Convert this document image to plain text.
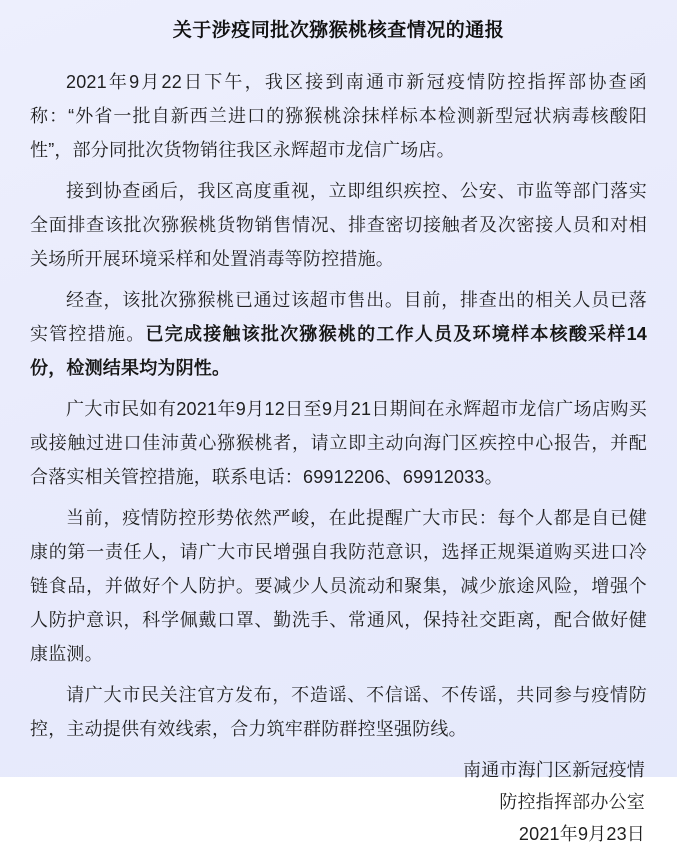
关于涉疫同批次猕猴桃核查情况的通报

2021年9月22日下午，我区接到南通市新冠疫情防控指挥部协查函称：“外省一批自新西兰进口的猕猴桃涂抹样标本检测新型冠状病毒核酸阳性”，部分同批次货物销往我区永辉超市龙信广场店。

接到协查函后，我区高度重视，立即组织疾控、公安、市监等部门落实全面排查该批次猕猴桃货物销售情况、排查密切接触者及次密接人员和对相关场所开展环境采样和处置消毒等防控措施。

经查，该批次猕猴桃已通过该超市售出。目前，排查出的相关人员已落实管控措施。已完成接触该批次猕猴桃的工作人员及环境样本核酸采样14份，检测结果均为阴性。

广大市民如有2021年9月12日至9月21日期间在永辉超市龙信广场店购买或接触过进口佳沛黄心猕猴桃者，请立即主动向海门区疾控中心报告，并配合落实相关管控措施，联系电话：69912206、69912033。

当前，疫情防控形势依然严峻，在此提醒广大市民：每个人都是自已健康的第一责任人，请广大市民增强自我防范意识，选择正规渠道购买进口冷链食品，并做好个人防护。要减少人员流动和聚集，减少旅途风险，增强个人防护意识，科学佩戴口罩、勤洗手、常通风，保持社交距离，配合做好健康监测。

请广大市民关注官方发布，不造谣、不信谣、不传谣，共同参与疫情防控，主动提供有效线索，合力筑牢群防群控坚强防线。

南通市海门区新冠疫情
防控指挥部办公室
2021年9月23日
